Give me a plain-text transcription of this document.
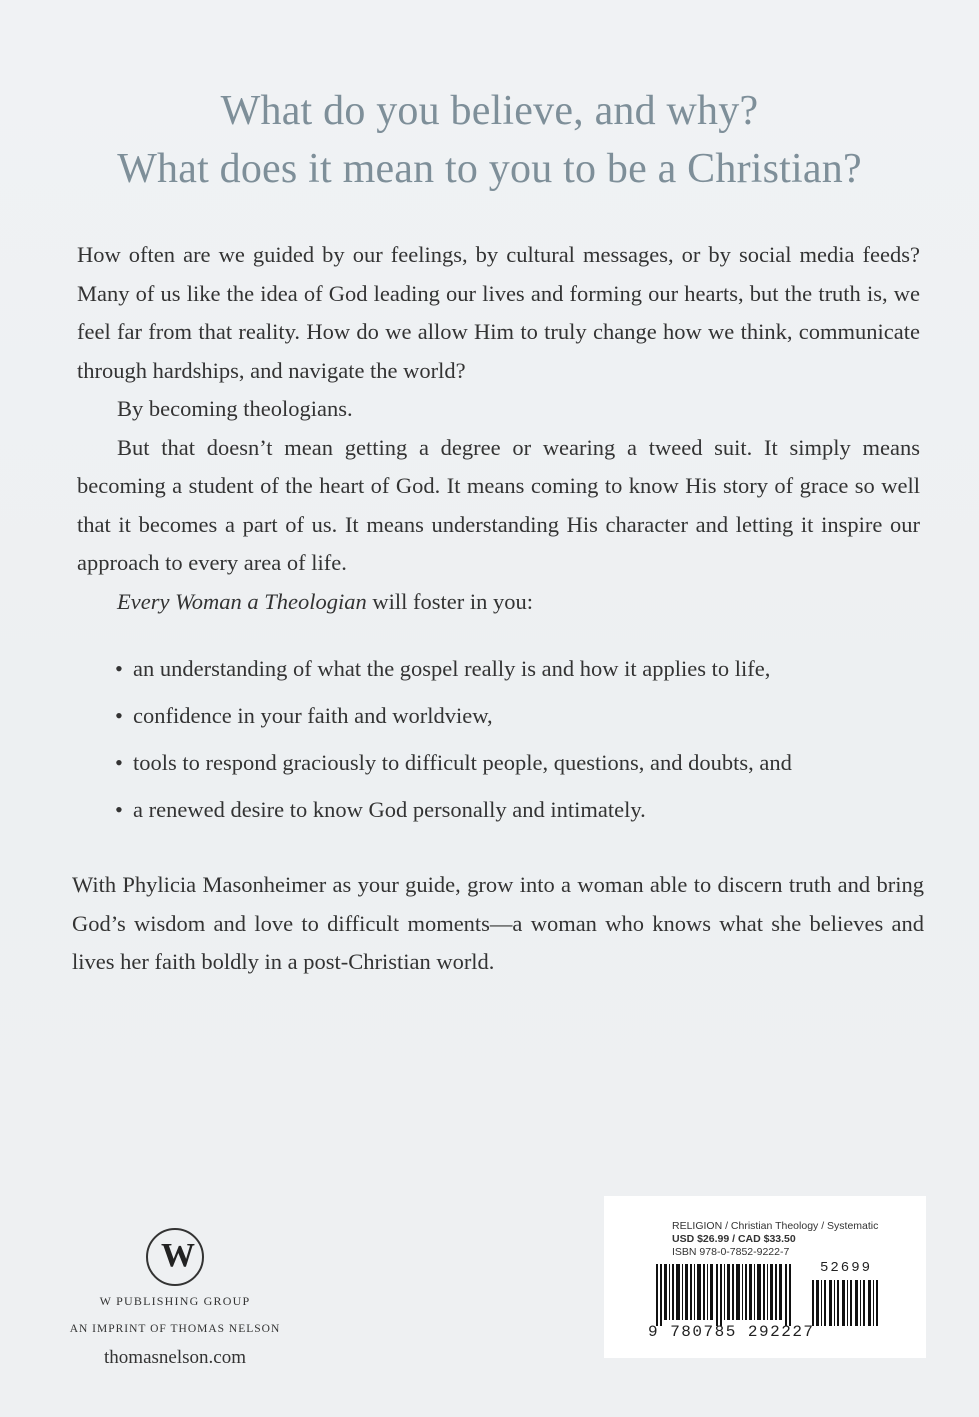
What do you believe, and why?
What does it mean to you to be a Christian?

How often are we guided by our feelings, by cultural messages, or by social media feeds? Many of us like the idea of God leading our lives and forming our hearts, but the truth is, we feel far from that reality. How do we allow Him to truly change how we think, communicate through hardships, and navigate the world?

By becoming theologians.

But that doesn’t mean getting a degree or wearing a tweed suit. It simply means becoming a student of the heart of God. It means coming to know His story of grace so well that it becomes a part of us. It means understanding His character and letting it inspire our approach to every area of life.

Every Woman a Theologian will foster in you:

• an understanding of what the gospel really is and how it applies to life,
• confidence in your faith and worldview,
• tools to respond graciously to difficult people, questions, and doubts, and
• a renewed desire to know God personally and intimately.
With Phylicia Masonheimer as your guide, grow into a woman able to discern truth and bring God’s wisdom and love to difficult moments—a woman who knows what she believes and lives her faith boldly in a post-Christian world.
W
W PUBLISHING GROUP
AN IMPRINT OF THOMAS NELSON
thomasnelson.com
RELIGION / Christian Theology / Systematic
USD $26.99 / CAD $33.50
ISBN 978-0-7852-9222-7
52699
9 780785 292227
